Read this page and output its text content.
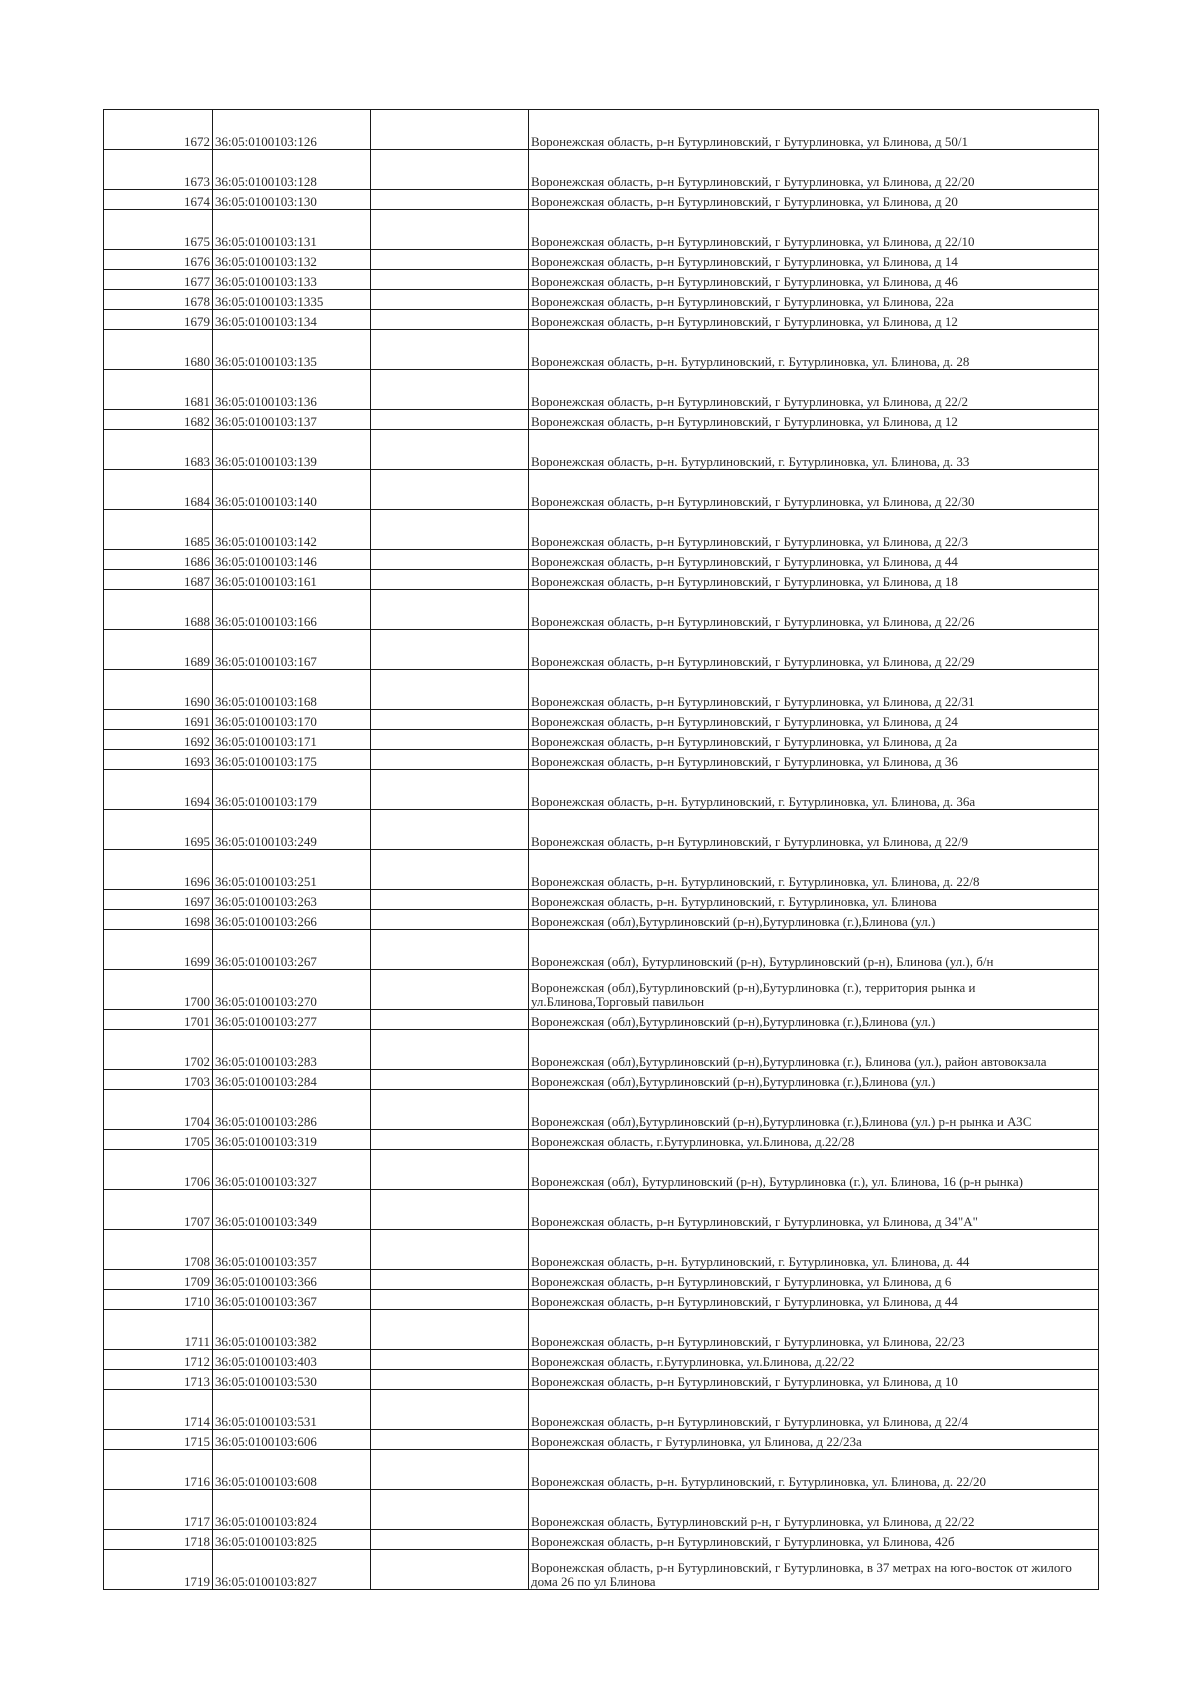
1672	36:05:0100103:126		Воронежская область, р-н Бутурлиновский, г Бутурлиновка, ул Блинова, д 50/1
1673	36:05:0100103:128		Воронежская область, р-н Бутурлиновский, г Бутурлиновка, ул Блинова, д 22/20
1674	36:05:0100103:130		Воронежская область, р-н Бутурлиновский, г Бутурлиновка, ул Блинова, д 20
1675	36:05:0100103:131		Воронежская область, р-н Бутурлиновский, г Бутурлиновка, ул Блинова, д 22/10
1676	36:05:0100103:132		Воронежская область, р-н Бутурлиновский, г Бутурлиновка, ул Блинова, д 14
1677	36:05:0100103:133		Воронежская область, р-н Бутурлиновский, г Бутурлиновка, ул Блинова, д 46
1678	36:05:0100103:1335		Воронежская область, р-н Бутурлиновский, г Бутурлиновка, ул Блинова, 22а
1679	36:05:0100103:134		Воронежская область, р-н Бутурлиновский, г Бутурлиновка, ул Блинова, д 12
1680	36:05:0100103:135		Воронежская область, р-н. Бутурлиновский, г. Бутурлиновка, ул. Блинова, д. 28
1681	36:05:0100103:136		Воронежская область, р-н Бутурлиновский, г Бутурлиновка, ул Блинова, д 22/2
1682	36:05:0100103:137		Воронежская область, р-н Бутурлиновский, г Бутурлиновка, ул Блинова, д 12
1683	36:05:0100103:139		Воронежская область, р-н. Бутурлиновский, г. Бутурлиновка, ул. Блинова, д. 33
1684	36:05:0100103:140		Воронежская область, р-н Бутурлиновский, г Бутурлиновка, ул Блинова, д 22/30
1685	36:05:0100103:142		Воронежская область, р-н Бутурлиновский, г Бутурлиновка, ул Блинова, д 22/3
1686	36:05:0100103:146		Воронежская область, р-н Бутурлиновский, г Бутурлиновка, ул Блинова, д 44
1687	36:05:0100103:161		Воронежская область, р-н Бутурлиновский, г Бутурлиновка, ул Блинова, д 18
1688	36:05:0100103:166		Воронежская область, р-н Бутурлиновский, г Бутурлиновка, ул Блинова, д 22/26
1689	36:05:0100103:167		Воронежская область, р-н Бутурлиновский, г Бутурлиновка, ул Блинова, д 22/29
1690	36:05:0100103:168		Воронежская область, р-н Бутурлиновский, г Бутурлиновка, ул Блинова, д 22/31
1691	36:05:0100103:170		Воронежская область, р-н Бутурлиновский, г Бутурлиновка, ул Блинова, д 24
1692	36:05:0100103:171		Воронежская область, р-н Бутурлиновский, г Бутурлиновка, ул Блинова, д 2а
1693	36:05:0100103:175		Воронежская область, р-н Бутурлиновский, г Бутурлиновка, ул Блинова, д 36
1694	36:05:0100103:179		Воронежская область, р-н. Бутурлиновский, г. Бутурлиновка, ул. Блинова, д. 36а
1695	36:05:0100103:249		Воронежская область, р-н Бутурлиновский, г Бутурлиновка, ул Блинова, д 22/9
1696	36:05:0100103:251		Воронежская область, р-н. Бутурлиновский, г. Бутурлиновка, ул. Блинова, д. 22/8
1697	36:05:0100103:263		Воронежская область, р-н. Бутурлиновский, г. Бутурлиновка, ул. Блинова
1698	36:05:0100103:266		Воронежская (обл),Бутурлиновский (р-н),Бутурлиновка (г.),Блинова (ул.)
1699	36:05:0100103:267		Воронежская (обл), Бутурлиновский (р-н), Бутурлиновский (р-н), Блинова (ул.), б/н
1700	36:05:0100103:270		Воронежская (обл),Бутурлиновский (р-н),Бутурлиновка (г.), территория рынка и ул.Блинова,Торговый павильон
1701	36:05:0100103:277		Воронежская (обл),Бутурлиновский (р-н),Бутурлиновка (г.),Блинова (ул.)
1702	36:05:0100103:283		Воронежская (обл),Бутурлиновский (р-н),Бутурлиновка (г.), Блинова (ул.), район автовокзала
1703	36:05:0100103:284		Воронежская (обл),Бутурлиновский (р-н),Бутурлиновка (г.),Блинова (ул.)
1704	36:05:0100103:286		Воронежская (обл),Бутурлиновский (р-н),Бутурлиновка (г.),Блинова (ул.) р-н рынка и АЗС
1705	36:05:0100103:319		Воронежская область, г.Бутурлиновка, ул.Блинова, д.22/28
1706	36:05:0100103:327		Воронежская (обл), Бутурлиновский (р-н), Бутурлиновка (г.), ул. Блинова, 16 (р-н рынка)
1707	36:05:0100103:349		Воронежская область, р-н Бутурлиновский, г Бутурлиновка, ул Блинова, д 34"А"
1708	36:05:0100103:357		Воронежская область, р-н. Бутурлиновский, г. Бутурлиновка, ул. Блинова, д. 44
1709	36:05:0100103:366		Воронежская область, р-н Бутурлиновский, г Бутурлиновка, ул Блинова, д 6
1710	36:05:0100103:367		Воронежская область, р-н Бутурлиновский, г Бутурлиновка, ул Блинова, д 44
1711	36:05:0100103:382		Воронежская область, р-н Бутурлиновский, г Бутурлиновка, ул Блинова, 22/23
1712	36:05:0100103:403		Воронежская область, г.Бутурлиновка, ул.Блинова, д.22/22
1713	36:05:0100103:530		Воронежская область, р-н Бутурлиновский, г Бутурлиновка, ул Блинова, д 10
1714	36:05:0100103:531		Воронежская область, р-н Бутурлиновский, г Бутурлиновка, ул Блинова, д 22/4
1715	36:05:0100103:606		Воронежская область, г Бутурлиновка, ул Блинова, д 22/23а
1716	36:05:0100103:608		Воронежская область, р-н. Бутурлиновский, г. Бутурлиновка, ул. Блинова, д. 22/20
1717	36:05:0100103:824		Воронежская область, Бутурлиновский р-н, г Бутурлиновка, ул Блинова, д 22/22
1718	36:05:0100103:825		Воронежская область, р-н Бутурлиновский, г Бутурлиновка, ул Блинова, 42б
1719	36:05:0100103:827		Воронежская область, р-н Бутурлиновский, г Бутурлиновка, в 37 метрах на юго-восток от жилого дома 26 по ул Блинова
